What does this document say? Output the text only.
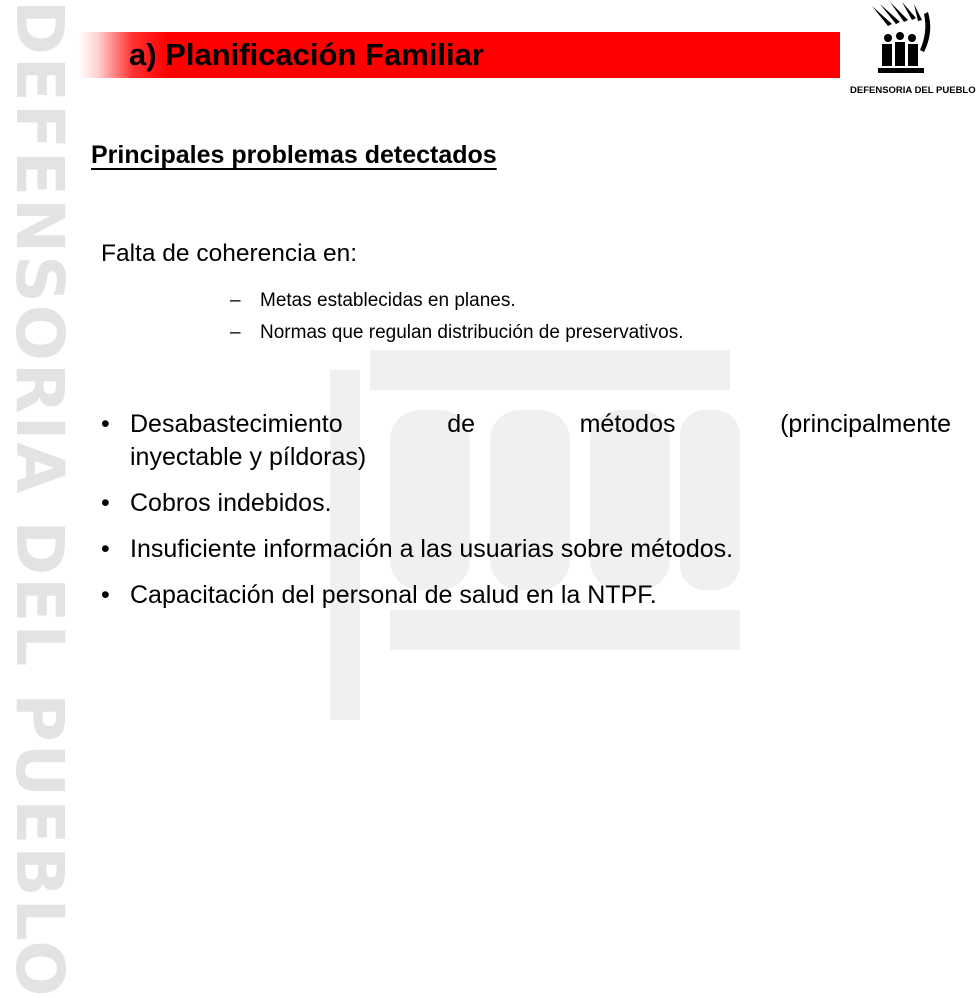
DEFENSORIA DEL PUEBLO a) Planificación Familiar
DEFENSORIA DEL PUEBLO
Principales problemas detectados
Falta de coherencia en:
– Metas establecidas en planes.
– Normas que regulan distribución de preservativos.
• Desabastecimiento de métodos (principalmente
inyectable y píldoras)
• Cobros indebidos.
• Insuficiente información a las usuarias sobre métodos.
• Capacitación del personal de salud en la NTPF.
